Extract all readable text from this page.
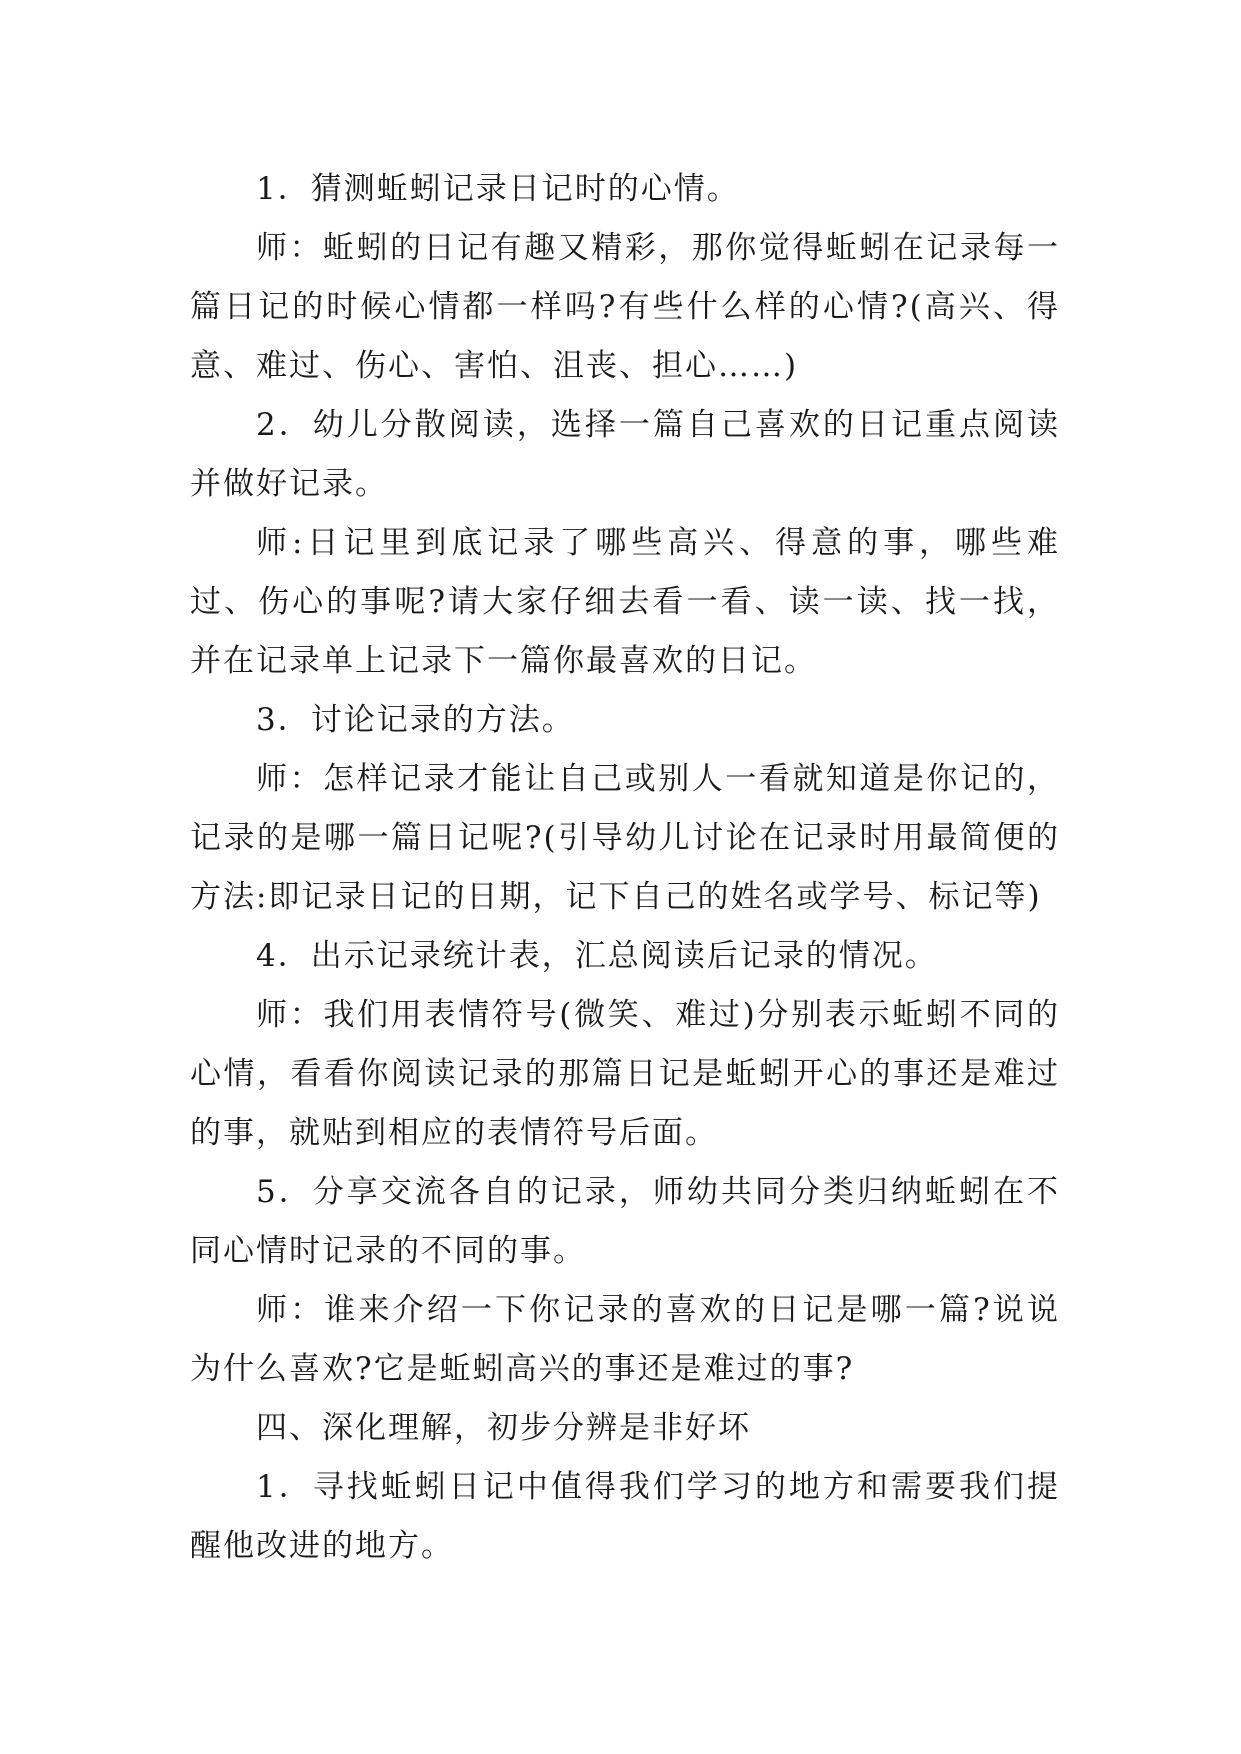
1．猜测蚯蚓记录日记时的心情。

师：蚯蚓的日记有趣又精彩，那你觉得蚯蚓在记录每一篇日记的时候心情都一样吗?有些什么样的心情?(高兴、得意、难过、伤心、害怕、沮丧、担心……)

2．幼儿分散阅读，选择一篇自己喜欢的日记重点阅读并做好记录。

师:日记里到底记录了哪些高兴、得意的事，哪些难过、伤心的事呢?请大家仔细去看一看、读一读、找一找，并在记录单上记录下一篇你最喜欢的日记。

3．讨论记录的方法。

师：怎样记录才能让自己或别人一看就知道是你记的，记录的是哪一篇日记呢?(引导幼儿讨论在记录时用最简便的方法:即记录日记的日期，记下自己的姓名或学号、标记等)

4．出示记录统计表，汇总阅读后记录的情况。

师：我们用表情符号(微笑、难过)分别表示蚯蚓不同的心情，看看你阅读记录的那篇日记是蚯蚓开心的事还是难过的事，就贴到相应的表情符号后面。

5．分享交流各自的记录，师幼共同分类归纳蚯蚓在不同心情时记录的不同的事。

师：谁来介绍一下你记录的喜欢的日记是哪一篇?说说为什么喜欢?它是蚯蚓高兴的事还是难过的事?

四、深化理解，初步分辨是非好坏

1．寻找蚯蚓日记中值得我们学习的地方和需要我们提醒他改进的地方。
